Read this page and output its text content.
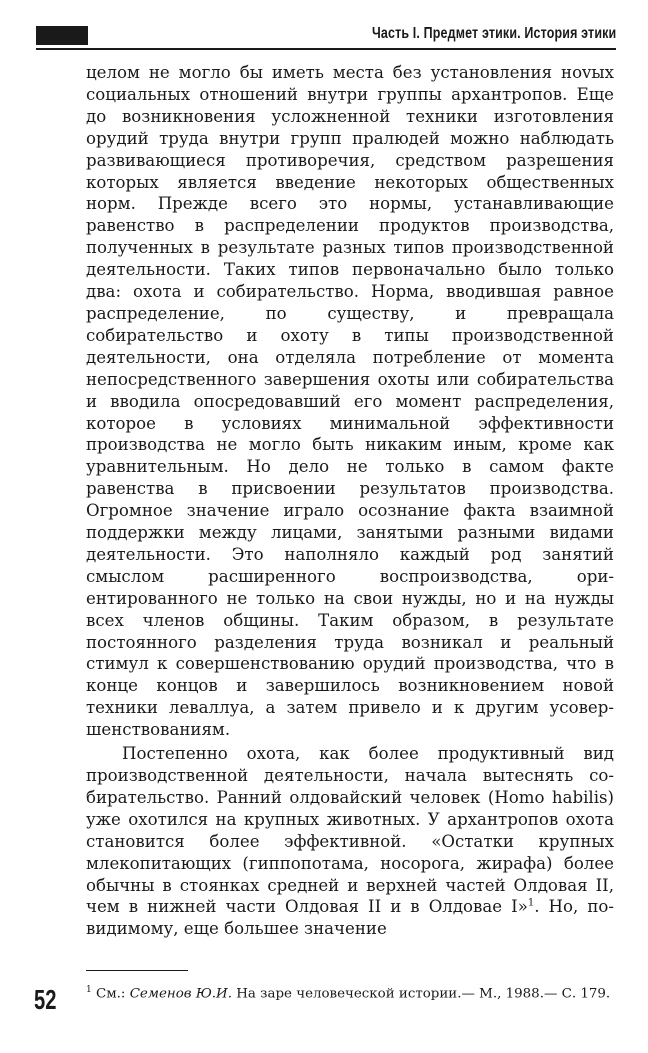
Часть I. Предмет этики. История этики

целом не могло бы иметь места без установления ноvых социальных отношений внутри группы архантропов. Еще до возникновения усложненной техники изготовления орудий труда внутри групп пралюдей можно наблюдать развивающиеся противоречия, средством разрешения которых является введение некоторых общественных норм. Прежде всего это нормы, устанавливающие равенство в распределении продуктов производства, полученных в результате разных типов производственной деятельности. Таких типов первоначально было только два: охота и собирательство. Норма, вводившая равное распределение, по существу, и превращала собирательство и охоту в типы производственной деятельности, она отделяла потребление от момента непосредственного завершения охоты или собирательства и вводила опосредовавший его момент распределения, которое в условиях минимальной эффективности производства не могло быть никаким иным, кроме как уравнительным. Но дело не только в самом факте равенства в присвоении результатов производства. Огромное значение играло осознание факта взаимной поддержки между лицами, занятыми разными видами деятельности. Это наполняло каждый род занятий смыслом расширенного воспроизводства, ориентированного не только на свои нужды, но и на нужды всех членов общины. Таким образом, в результате постоянного разделения труда возникал и реальный стимул к совершенствованию орудий производства, что в конце концов и завершилось возникновением новой техники леваллуа, а затем привело и к другим усовершенствованиям.

Постепенно охота, как более продуктивный вид производственной деятельности, начала вытеснять собирательство. Ранний олдовайский человек (Homo habilis) уже охотился на крупных животных. У архантропов охота становится более эффективной. «Остатки крупных млекопитающих (гиппопотама, носорога, жирафа) более обычны в стоянках средней и верхней частей Олдовая II, чем в нижней части Олдовая II и в Олдовае I»$^1$. Но, по-видимому, еще большее значение

$^1$ См.: Семенов Ю.И. На заре человеческой истории.— М., 1988.— С. 179.
52
